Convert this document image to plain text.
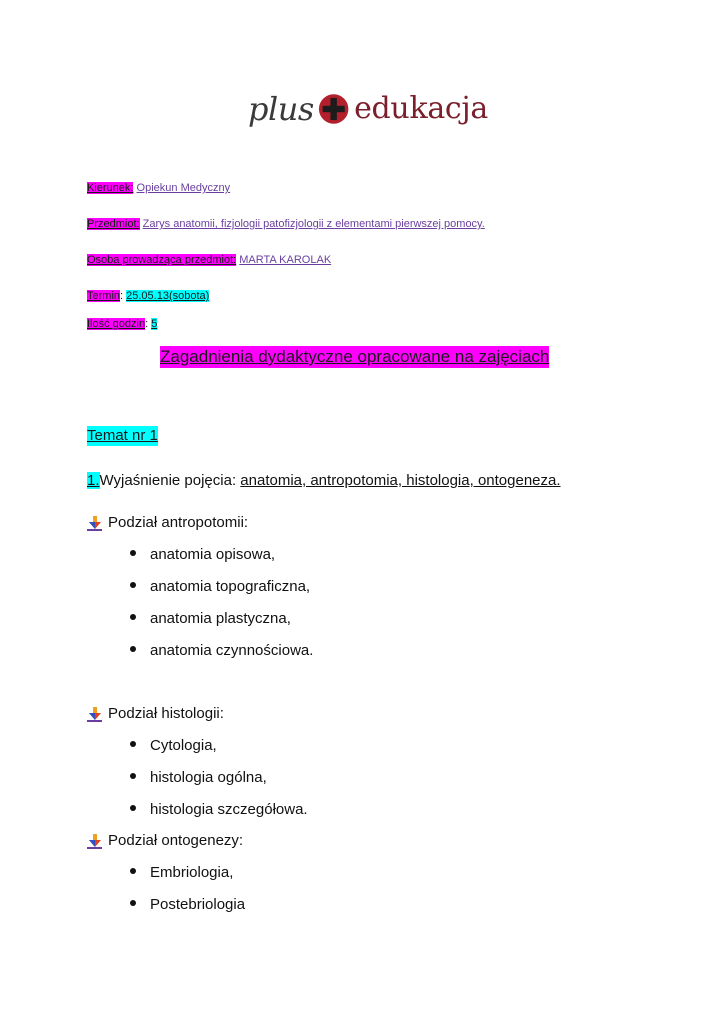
plus edukacja
Kierunek: Opiekun Medyczny
Przedmiot: Zarys anatomii, fizjologii patofizjologii z elementami pierwszej pomocy.
Osoba prowadząca przedmiot: MARTA KAROLAK
Termin: 25.05.13(sobota)
Ilość godzin: 5
Zagadnienia dydaktyczne opracowane na zajęciach
Temat nr 1
1.Wyjaśnienie pojęcia: anatomia, antropotomia, histologia, ontogeneza.
Podział antropotomii:
anatomia opisowa,
anatomia topograficzna,
anatomia plastyczna,
anatomia czynnościowa.
Podział histologii:
Cytologia,
histologia ogólna,
histologia szczegółowa.
Podział ontogenezy:
Embriologia,
Postebriologia
